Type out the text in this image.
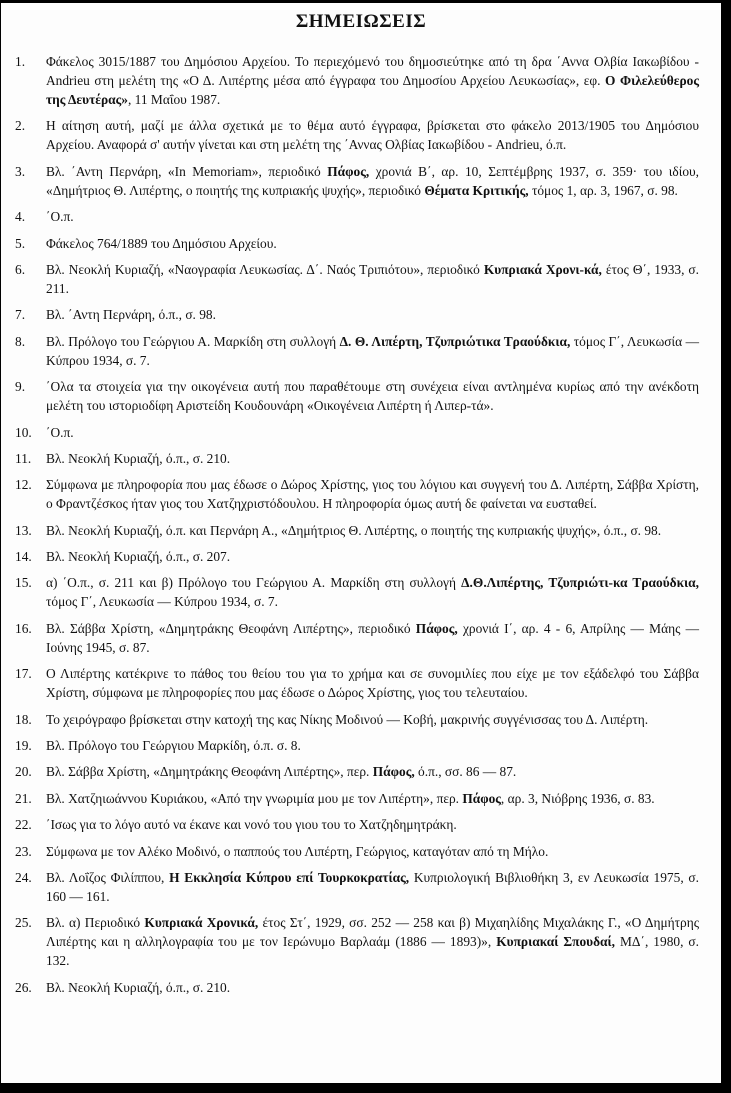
ΣΗΜΕΙΩΣΕΙΣ
1.	Φάκελος 3015/1887 του Δημόσιου Αρχείου. Το περιεχόμενό του δημοσιεύτηκε από τη δρα ΄Αννα Ολβία Ιακωβίδου - Andrieu στη μελέτη της «Ο Δ. Λιπέρτης μέσα από έγγραφα του Δημοσίου Αρχείου Λευκωσίας», εφ. Ο Φιλελεύθερος της Δευτέρας», 11 Μαΐου 1987.
2.	Η αίτηση αυτή, μαζί με άλλα σχετικά με το θέμα αυτό έγγραφα, βρίσκεται στο φάκελο 2013/1905 του Δημόσιου Αρχείου. Αναφορά σ' αυτήν γίνεται και στη μελέτη της ΄Αννας Ολβίας Ιακωβίδου - Andrieu, ό.π.
3.	Βλ. ΄Αντη Περνάρη, «In Memoriam», περιοδικό Πάφος, χρονιά Β΄, αρ. 10, Σεπτέμβρης 1937, σ. 359· του ιδίου, «Δημήτριος Θ. Λιπέρτης, ο ποιητής της κυπριακής ψυχής», περιοδικό Θέματα Κριτικής, τόμος 1, αρ. 3, 1967, σ. 98.
4.	΄Ο.π.
5.	Φάκελος 764/1889 του Δημόσιου Αρχείου.
6.	Βλ. Νεοκλή Κυριαζή, «Ναογραφία Λευκωσίας. Δ΄. Ναός Τριπιότου», περιοδικό Κυπριακά Χρονι-κά, έτος Θ΄, 1933, σ. 211.
7.	Βλ. ΄Αντη Περνάρη, ό.π., σ. 98.
8.	Βλ. Πρόλογο του Γεώργιου Α. Μαρκίδη στη συλλογή Δ. Θ. Λιπέρτη, Τζυπριώτικα Τραούδκια, τόμος Γ΄, Λευκωσία — Κύπρου 1934, σ. 7.
9.	΄Ολα τα στοιχεία για την οικογένεια αυτή που παραθέτουμε στη συνέχεια είναι αντλημένα κυρίως από την ανέκδοτη μελέτη του ιστοριοδίφη Αριστείδη Κουδουνάρη «Οικογένεια Λιπέρτη ή Λιπερ-τά».
10.	΄Ο.π.
11.	Βλ. Νεοκλή Κυριαζή, ό.π., σ. 210.
12.	Σύμφωνα με πληροφορία που μας έδωσε ο Δώρος Χρίστης, γιος του λόγιου και συγγενή του Δ. Λιπέρτη, Σάββα Χρίστη, ο Φραντζέσκος ήταν γιος του Χατζηχριστόδουλου. Η πληροφορία όμως αυτή δε φαίνεται να ευσταθεί.
13.	Βλ. Νεοκλή Κυριαζή, ό.π. και Περνάρη Α., «Δημήτριος Θ. Λιπέρτης, ο ποιητής της κυπριακής ψυχής», ό.π., σ. 98.
14.	Βλ. Νεοκλή Κυριαζή, ό.π., σ. 207.
15.	α) ΄Ο.π., σ. 211 και β) Πρόλογο του Γεώργιου Α. Μαρκίδη στη συλλογή Δ.Θ.Λιπέρτης, Τζυπριώτι-κα Τραούδκια, τόμος Γ΄, Λευκωσία — Κύπρου 1934, σ. 7.
16.	Βλ. Σάββα Χρίστη, «Δημητράκης Θεοφάνη Λιπέρτης», περιοδικό Πάφος, χρονιά Ι΄, αρ. 4 - 6, Απρίλης — Μάης — Ιούνης 1945, σ. 87.
17.	Ο Λιπέρτης κατέκρινε το πάθος του θείου του για το χρήμα και σε συνομιλίες που είχε με τον εξάδελφό του Σάββα Χρίστη, σύμφωνα με πληροφορίες που μας έδωσε ο Δώρος Χρίστης, γιος του τελευταίου.
18.	Το χειρόγραφο βρίσκεται στην κατοχή της κας Νίκης Μοδινού — Κοβή, μακρινής συγγένισσας του Δ. Λιπέρτη.
19.	Βλ. Πρόλογο του Γεώργιου Μαρκίδη, ό.π. σ. 8.
20.	Βλ. Σάββα Χρίστη, «Δημητράκης Θεοφάνη Λιπέρτης», περ. Πάφος, ό.π., σσ. 86 — 87.
21.	Βλ. Χατζηιωάννου Κυριάκου, «Από την γνωριμία μου με τον Λιπέρτη», περ. Πάφος, αρ. 3, Νιόβρης 1936, σ. 83.
22.	΄Ισως για το λόγο αυτό να έκανε και νονό του γιου του το Χατζηδημητράκη.
23.	Σύμφωνα με τον Αλέκο Μοδινό, ο παππούς του Λιπέρτη, Γεώργιος, καταγόταν από τη Μήλο.
24.	Βλ. Λοΐζος Φιλίππου, Η Εκκλησία Κύπρου επί Τουρκοκρατίας, Κυπριολογική Βιβλιοθήκη 3, εν Λευκωσία 1975, σ. 160 — 161.
25.	Βλ. α) Περιοδικό Κυπριακά Χρονικά, έτος Στ΄, 1929, σσ. 252 — 258 και β) Μιχαηλίδης Μιχαλάκης Γ., «Ο Δημήτρης Λιπέρτης και η αλληλογραφία του με τον Ιερώνυμο Βαρλαάμ (1886 — 1893)», Κυπριακαί Σπουδαί, ΜΔ΄, 1980, σ. 132.
26.	Βλ. Νεοκλή Κυριαζή, ό.π., σ. 210.
